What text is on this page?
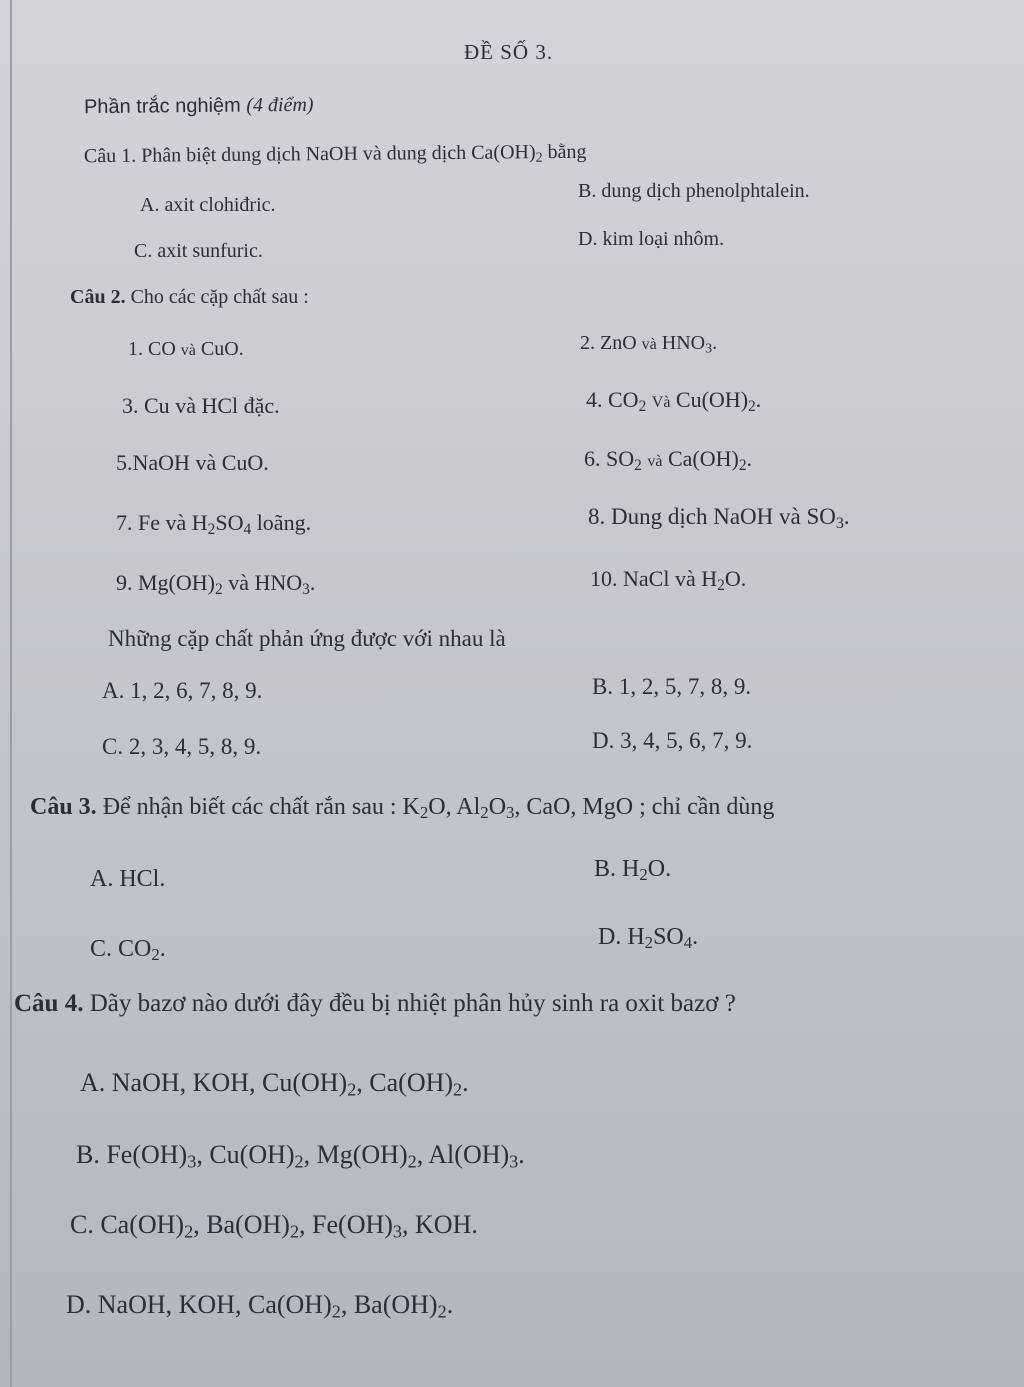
ĐỀ SỐ 3.
Phần trắc nghiệm (4 điểm)
Câu 1. Phân biệt dung dịch NaOH và dung dịch $Ca(OH)_2$ bằng
A. axit clohiđric.
B. dung dịch phenolphtalein.
C. axit sunfuric.
D. kim loại nhôm.
Câu 2. Cho các cặp chất sau :
1. CO và CuO.	2. ZnO và $HNO_3$.
3. Cu và HCl đặc.	4. $CO_2$ Và $Cu(OH)_2$.
5.NaOH và CuO.	6. $SO_2$ và $Ca(OH)_2$.
7. Fe và $H_2SO_4$ loãng.	8. Dung dịch NaOH và $SO_3$.
9. $Mg(OH)_2$ và $HNO_3$.	10. NaCl và $H_2O$.
Những cặp chất phản ứng được với nhau là
A. 1, 2, 6, 7, 8, 9.	B. 1, 2, 5, 7, 8, 9.
C. 2, 3, 4, 5, 8, 9.	D. 3, 4, 5, 6, 7, 9.
Câu 3. Để nhận biết các chất rắn sau : $K_2O$, $Al_2O_3$, CaO, MgO ; chỉ cần dùng
A. HCl.	B. $H_2O$.
C. $CO_2$.	D. $H_2SO_4$.
Câu 4. Dãy bazơ nào dưới đây đều bị nhiệt phân hủy sinh ra oxit bazơ ?
A. NaOH, KOH, $Cu(OH)_2$, $Ca(OH)_2$.
B. $Fe(OH)_3$, $Cu(OH)_2$, $Mg(OH)_2$, $Al(OH)_3$.
C. $Ca(OH)_2$, $Ba(OH)_2$, $Fe(OH)_3$, KOH.
D. NaOH, KOH, $Ca(OH)_2$, $Ba(OH)_2$.
